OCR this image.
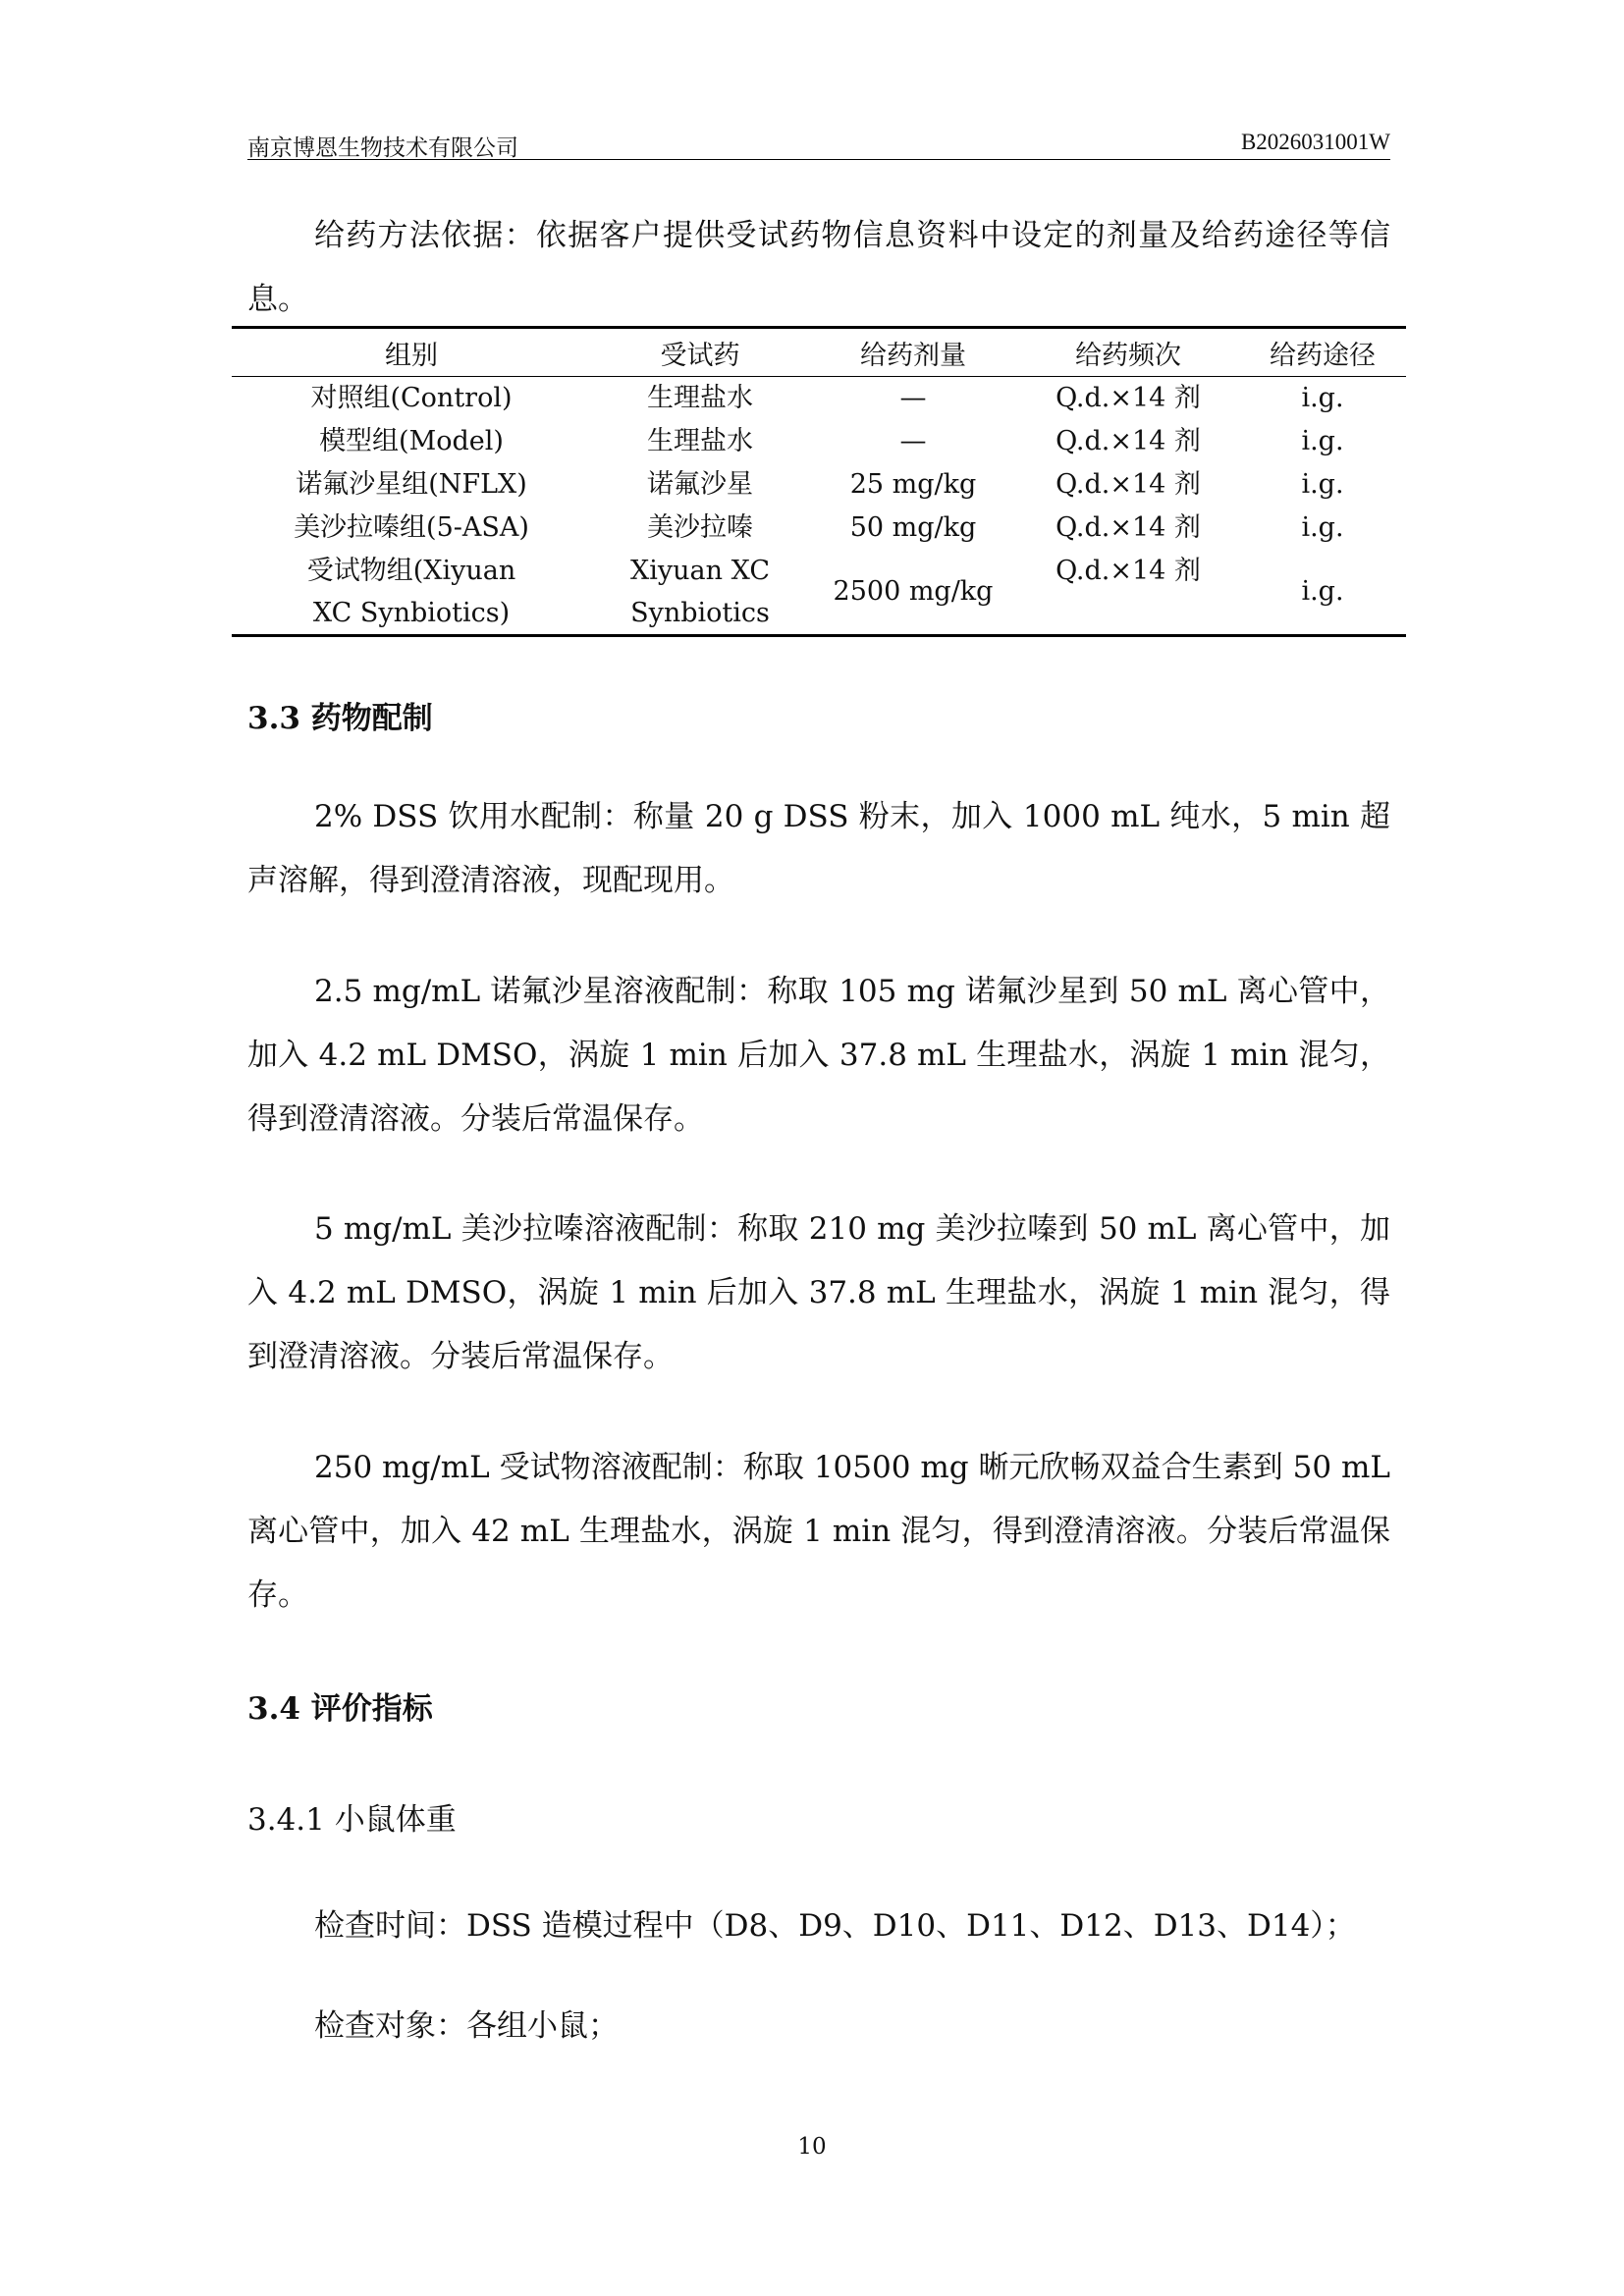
南京博恩生物技术有限公司	B2026031001W

给药方法依据：依据客户提供受试药物信息资料中设定的剂量及给药途径等信息。

组别	受试药	给药剂量	给药频次	给药途径
对照组(Control)	生理盐水	—	Q.d.×14 剂	i.g.
模型组(Model)	生理盐水	—	Q.d.×14 剂	i.g.
诺氟沙星组(NFLX)	诺氟沙星	25 mg/kg	Q.d.×14 剂	i.g.
美沙拉嗪组(5-ASA)	美沙拉嗪	50 mg/kg	Q.d.×14 剂	i.g.
受试物组(Xiyuan XC Synbiotics)	Xiyuan XC Synbiotics	2500 mg/kg	Q.d.×14 剂	i.g.

3.3 药物配制

2% DSS 饮用水配制：称量 20 g DSS 粉末，加入 1000 mL 纯水，5 min 超声溶解，得到澄清溶液，现配现用。

2.5 mg/mL 诺氟沙星溶液配制：称取 105 mg 诺氟沙星到 50 mL 离心管中，加入 4.2 mL DMSO，涡旋 1 min 后加入 37.8 mL 生理盐水，涡旋 1 min 混匀，得到澄清溶液。分装后常温保存。

5 mg/mL 美沙拉嗪溶液配制：称取 210 mg 美沙拉嗪到 50 mL 离心管中，加入 4.2 mL DMSO，涡旋 1 min 后加入 37.8 mL 生理盐水，涡旋 1 min 混匀，得到澄清溶液。分装后常温保存。

250 mg/mL 受试物溶液配制：称取 10500 mg 晰元欣畅双益合生素到 50 mL 离心管中，加入 42 mL 生理盐水，涡旋 1 min 混匀，得到澄清溶液。分装后常温保存。

3.4 评价指标

3.4.1 小鼠体重

检查时间：DSS 造模过程中（D8、D9、D10、D11、D12、D13、D14）；

检查对象：各组小鼠；

10
